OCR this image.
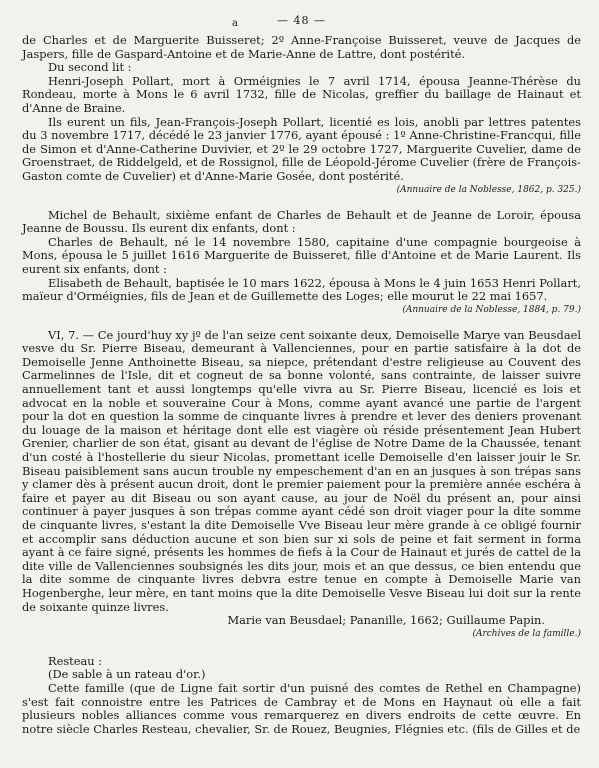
a	— 48 —

de Charles et de Marguerite Buisseret; 2º Anne-Françoise Buisseret, veuve de Jacques de Jaspers, fille de Gaspard-Antoine et de Marie-Anne de Lattre, dont postérité.

Du second lit :

Henri-Joseph Pollart, mort à Orméignies le 7 avril 1714, épousa Jeanne-Thérèse du Rondeau, morte à Mons le 6 avril 1732, fille de Nicolas, greffier du baillage de Hainaut et d'Anne de Braine.

Ils eurent un fils, Jean-François-Joseph Pollart, licentié es lois, anobli par lettres patentes du 3 novembre 1717, décédé le 23 janvier 1776, ayant épousé : 1º Anne-Christine-Francqui, fille de Simon et d'Anne-Catherine Duvivier, et 2º le 29 octobre 1727, Marguerite Cuvelier, dame de Groenstraet, de Riddelgeld, et de Rossignol, fille de Léopold-Jérome Cuvelier (frère de François-Gaston comte de Cuvelier) et d'Anne-Marie Gosée, dont postérité.

(Annuaire de la Noblesse, 1862, p. 325.)

Michel de Behault, sixième enfant de Charles de Behault et de Jeanne de Loroir, épousa Jeanne de Boussu. Ils eurent dix enfants, dont :

Charles de Behault, né le 14 novembre 1580, capitaine d'une compagnie bourgeoise à Mons, épousa le 5 juillet 1616 Marguerite de Buisseret, fille d'Antoine et de Marie Laurent. Ils eurent six enfants, dont :

Elisabeth de Behault, baptisée le 10 mars 1622, épousa à Mons le 4 juin 1653 Henri Pollart, maïeur d'Orméignies, fils de Jean et de Guillemette des Loges; elle mourut le 22 mai 1657.

(Annuaire de la Noblesse, 1884, p. 79.)

VI, 7. — Ce jourd'huy xy jº de l'an seize cent soixante deux, Demoiselle Marye van Beusdael vesve du Sr. Pierre Biseau, demeurant à Vallenciennes, pour en partie satisfaire à la dot de Demoiselle Jenne Anthoinette Biseau, sa niepce, prétendant d'estre religieuse au Couvent des Carmelinnes de l'Isle, dit et cogneut de sa bonne volonté, sans contrainte, de laisser suivre annuellement tant et aussi longtemps qu'elle vivra au Sr. Pierre Biseau, licencié es lois et advocat en la noble et souveraine Cour à Mons, comme ayant avancé une partie de l'argent pour la dot en question la somme de cinquante livres à prendre et lever des deniers provenant du louage de la maison et héritage dont elle est viagère où réside présentement Jean Hubert Grenier, charlier de son état, gisant au devant de l'église de Notre Dame de la Chaussée, tenant d'un costé à l'hostellerie du sieur Nicolas, promettant icelle Demoiselle d'en laisser jouir le Sr. Biseau paisiblement sans aucun trouble ny empeschement d'an en an jusques à son trépas sans y clamer dès à présent aucun droit, dont le premier paiement pour la première année eschéra à faire et payer au dit Biseau ou son ayant cause, au jour de Noël du présent an, pour ainsi continuer à payer jusques à son trépas comme ayant cédé son droit viager pour la dite somme de cinquante livres, s'estant la dite Demoiselle Vve Biseau leur mère grande à ce obligé fournir et accomplir sans déduction aucune et son bien sur xi sols de peine et fait serment in forma ayant à ce faire signé, présents les hommes de fiefs à la Cour de Hainaut et jurés de cattel de la dite ville de Vallenciennes soubsignés les dits jour, mois et an que dessus, ce bien entendu que la dite somme de cinquante livres debvra estre tenue en compte à Demoiselle Marie van Hogenberghe, leur mère, en tant moins que la dite Demoiselle Vesve Biseau lui doit sur la rente de soixante quinze livres.

Marie van Beusdael; Pananille, 1662; Guillaume Papin.

(Archives de la famille.)

Resteau :

(De sable à un rateau d'or.)

Cette famille (que de Ligne fait sortir d'un puisné des comtes de Rethel en Champagne) s'est fait connoistre entre les Patrices de Cambray et de Mons en Haynaut où elle a fait plusieurs nobles alliances comme vous remarquerez en divers endroits de cette œuvre. En notre siècle Charles Resteau, chevalier, Sr. de Rouez, Beugnies, Flégnies etc. (fils de Gilles et de
